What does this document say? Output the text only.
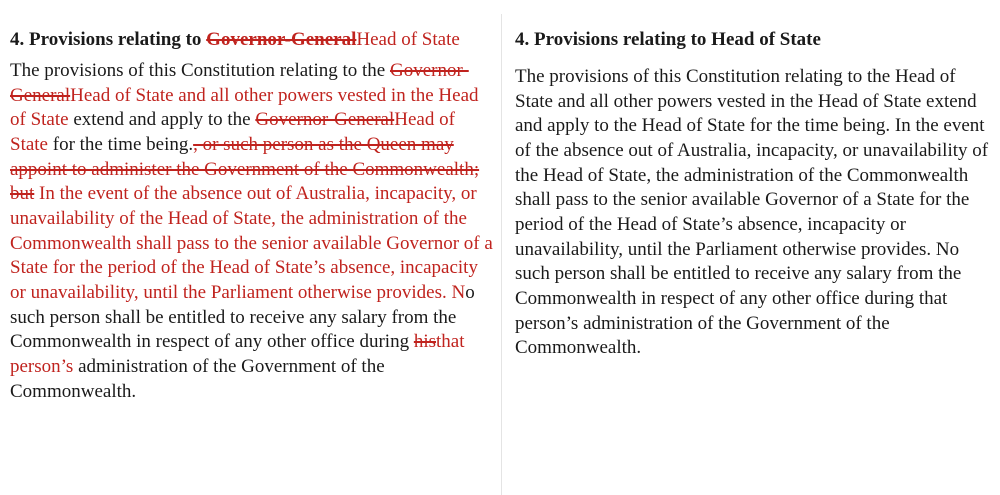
4. Provisions relating to Governor-GeneralHead of State

The provisions of this Constitution relating to the Governor-GeneralHead of State and all other powers vested in the Head of State extend and apply to the Governor-GeneralHead of State for the time being., or such person as the Queen may appoint to administer the Government of the Commonwealth; but In the event of the absence out of Australia, incapacity, or unavailability of the Head of State, the administration of the Commonwealth shall pass to the senior available Governor of a State for the period of the Head of State’s absence, incapacity or unavailability, until the Parliament otherwise provides. No such person shall be entitled to receive any salary from the Commonwealth in respect of any other office during histhat person’s administration of the Government of the Commonwealth.

4. Provisions relating to Head of State

The provisions of this Constitution relating to the Head of State and all other powers vested in the Head of State extend and apply to the Head of State for the time being. In the event of the absence out of Australia, incapacity, or unavailability of the Head of State, the administration of the Commonwealth shall pass to the senior available Governor of a State for the period of the Head of State’s absence, incapacity or unavailability, until the Parliament otherwise provides. No such person shall be entitled to receive any salary from the Commonwealth in respect of any other office during that person’s administration of the Government of the Commonwealth.
